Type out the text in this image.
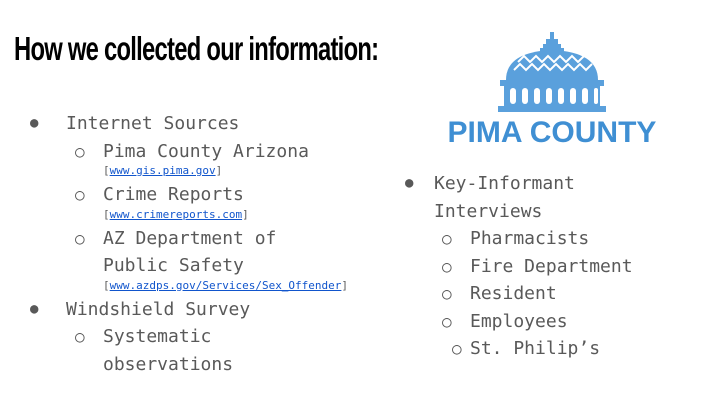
How we collected our information:
PIMA COUNTY
● Internet Sources
○ Pima County Arizona
[www.gis.pima.gov]
○ Crime Reports
[www.crimereports.com]
○ AZ Department of
Public Safety
[www.azdps.gov/Services/Sex_Offender]
● Windshield Survey
○ Systematic
observations
● Key-Informant
Interviews
○ Pharmacists
○ Fire Department
○ Resident
○ Employees
○ St. Philip’s
